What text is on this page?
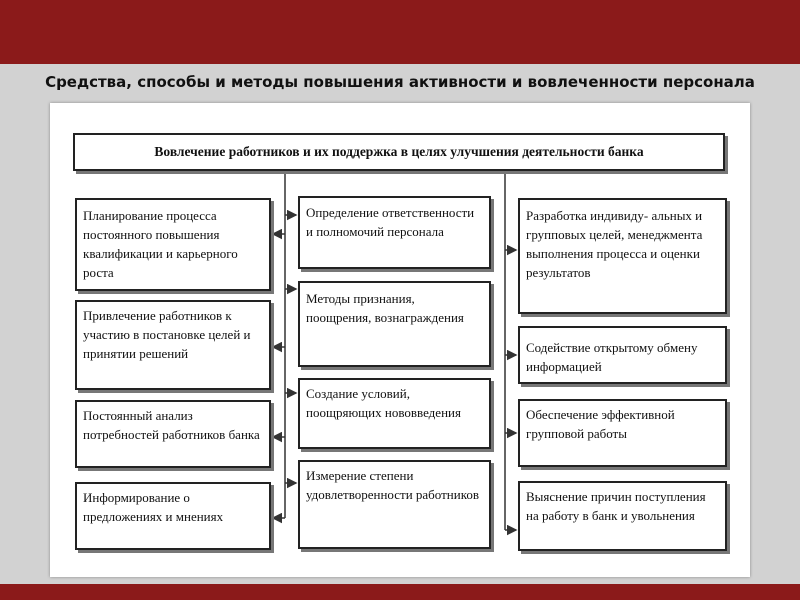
Средства, способы и методы повышения активности и вовлеченности персонала
Вовлечение работников и их поддержка в целях улучшения деятельности банка
Планирование процесса постоянного повышения квалификации и карьерного роста
Привлечение работников к участию в постановке целей и принятии решений
Постоянный анализ потребностей работников банка
Информирование о предложениях и мнениях
Определение ответственности и полномочий персонала
Методы признания, поощрения, вознаграждения
Создание условий, поощряющих нововведения
Измерение степени удовлетворенности работников
Разработка индивиду- альных и групповых целей, менеджмента выполнения процесса и оценки результатов
Содействие открытому обмену информацией
Обеспечение эффективной групповой работы
Выяснение причин поступления на работу в банк и увольнения
